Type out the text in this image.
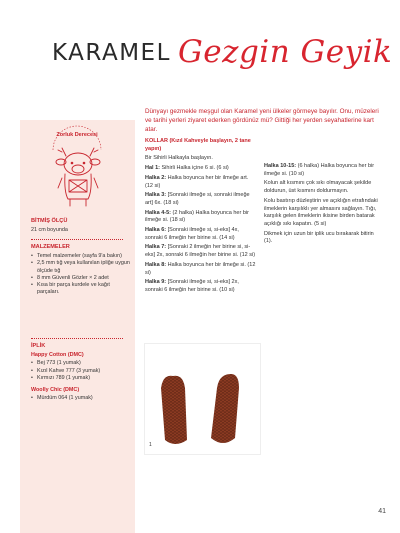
KARAMEL Gezgin Geyik
Dünyayı gezmekle meşgul olan Karamel yeni ülkeler görmeye bayılır. Onu, müzeleri ve tarihi yerleri ziyaret ederken gördünüz mü? Gittiği her yerden seyahatlerine kart atar.
Zorluk Derecesi
BİTMİŞ ÖLÇÜ
21 cm boyunda
MALZEMELER
• Temel malzemeler (sayfa 9'a bakın)
• 2,5 mm tığ veya kullanılan ipliğe uygun ölçüde tığ
• 8 mm Güvenli Gözler × 2 adet
• Kısa bir parça kurdele ve kağıt parçaları.
İPLİK
Happy Cotton (DMC)
• Bej 773 (1 yumak)
• Kızıl Kahve 777 (3 yumak)
• Kırmızı 789 (1 yumak)
Woolly Chic (DMC)
• Mürdüm 064 (1 yumak)

KOLLAR (Kızıl Kahveyle başlayın, 2 tane yapın)

Bir Sihirli Halkayla başlayın.

Hal 1: Sihirli Halka içine 6 si. (6 si)

Halka 2: Halka boyunca her bir ilmeğe art. (12 si)

Halka 3: [Sonraki ilmeğe si, sonraki ilmeğe art] 6x. (18 si)

Halka 4-5: (2 halka) Halka boyunca her bir ilmeğe si. (18 si)

Halka 6: [Sonraki ilmeğe si, si-eks] 4x, sonraki 6 ilmeğin her birine si. (14 si)

Halka 7: [Sonraki 2 ilmeğin her birine si, si-eks] 2x, sonraki 6 ilmeğin her birine si. (12 si)

Halka 8: Halka boyunca her bir ilmeğe si. (12 si)

Halka 9: [Sonraki ilmeğe si, si-eks] 2x, sonraki 6 ilmeğin her birine si. (10 si)

Halka 10-15: (6 halka) Halka boyunca her bir ilmeğe si. (10 si)

Kolun alt kısmını çok sıkı olmayacak şekilde doldurun, üst kısmını doldurmayın.

Kolu bastırıp düzleştirin ve açıklığın etrafındaki ilmeklerin karşılıklı yer almasını sağlayın. Tığı, karşılık gelen ilmeklerin ikisine birden batarak açıklığı sıkı kapatın. (5 si)

Dikmek için uzun bir iplik ucu bırakarak bitirin (1).

1
41
